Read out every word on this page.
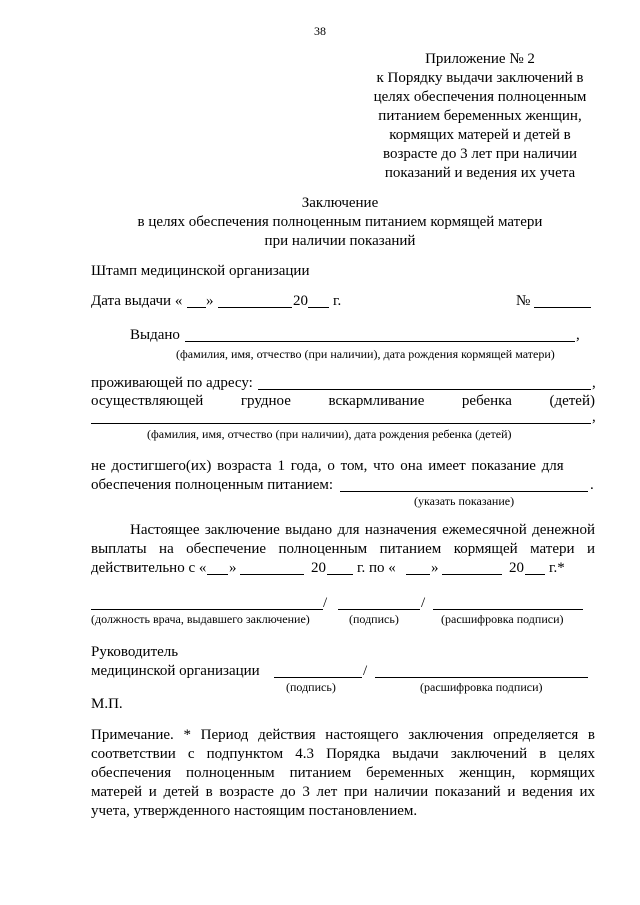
38
Приложение № 2
к Порядку выдачи заключений в
целях обеспечения полноценным
питанием беременных женщин,
кормящих матерей и детей в
возрасте до 3 лет при наличии
показаний и ведения их учета
Заключение
в целях обеспечения полноценным питанием кормящей матери
при наличии показаний
Штамп медицинской организации
Дата выдачи « »	20 г.	№
Выдано	,
(фамилия, имя, отчество (при наличии), дата рождения кормящей матери)
проживающей по адресу:	,
осуществляющей	грудное	вскармливание	ребенка	(детей)
,
(фамилия, имя, отчество (при наличии), дата рождения ребенка (детей)
не достигшего(их) возраста 1 года, о том, что она имеет показание для
обеспечения полноценным питанием:	.
(указать показание)
Настоящее заключение выдано для назначения ежемесячной денежной
выплаты на обеспечение полноценным питанием кормящей матери и
действительно с « »	20 г. по « »	20 г.*
/	/
(должность врача, выдавшего заключение)	(подпись)	(расшифровка подписи)
Руководитель
медицинской организации	/
(подпись)	(расшифровка подписи)
М.П.
Примечание. * Период действия настоящего заключения определяется в
соответствии с подпунктом 4.3 Порядка выдачи заключений в целях
обеспечения полноценным питанием беременных женщин, кормящих
матерей и детей в возрасте до 3 лет при наличии показаний и ведения их
учета, утвержденного настоящим постановлением.
